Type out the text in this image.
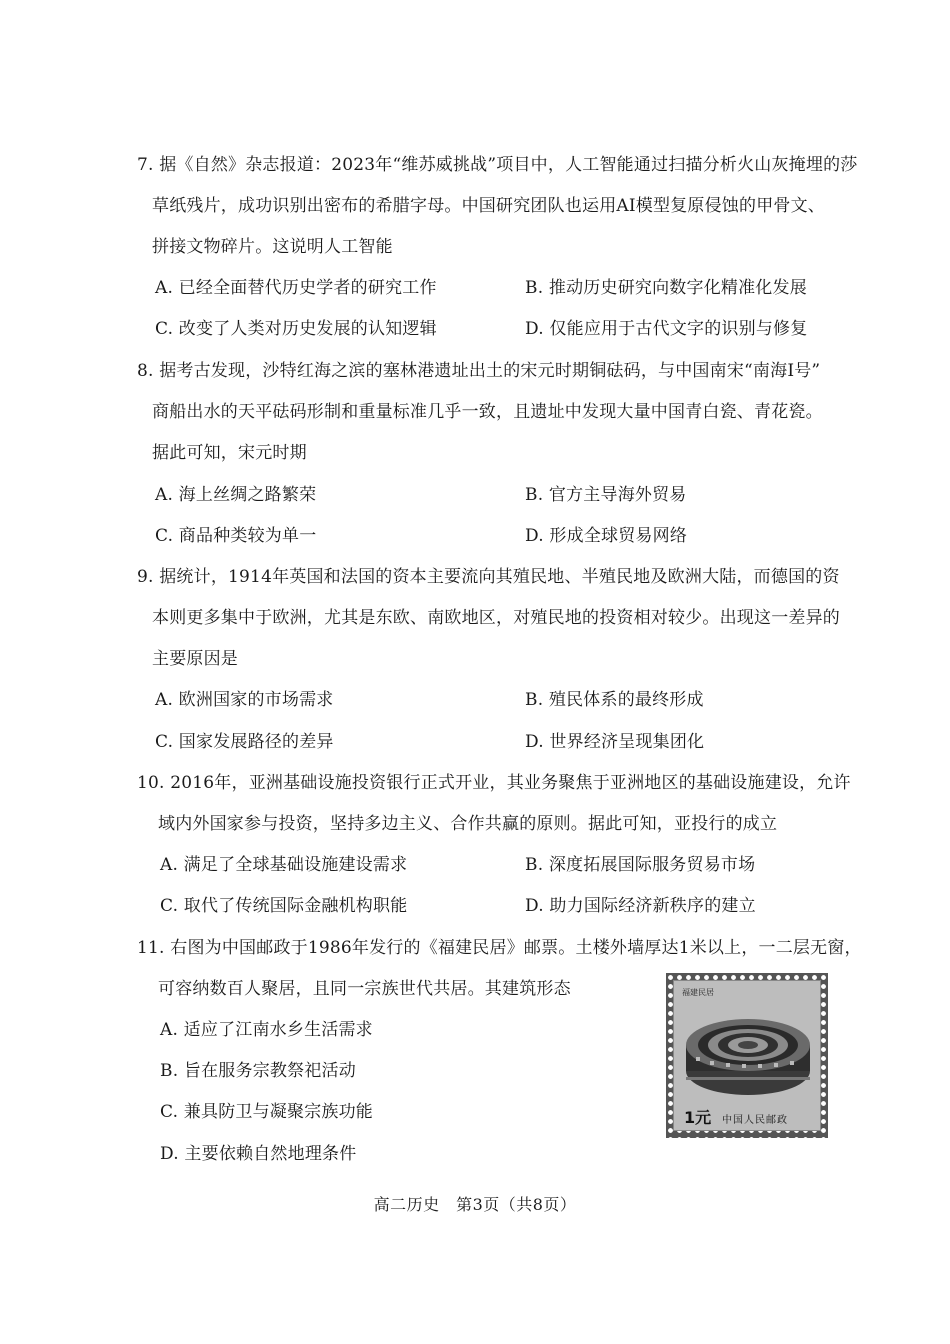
7. 据《自然》杂志报道：2023年“维苏威挑战”项目中，人工智能通过扫描分析火山灰掩埋的莎
草纸残片，成功识别出密布的希腊字母。中国研究团队也运用AI模型复原侵蚀的甲骨文、
拼接文物碎片。这说明人工智能
A. 已经全面替代历史学者的研究工作	B. 推动历史研究向数字化精准化发展
C. 改变了人类对历史发展的认知逻辑	D. 仅能应用于古代文字的识别与修复
8. 据考古发现，沙特红海之滨的塞林港遗址出土的宋元时期铜砝码，与中国南宋“南海Ⅰ号”
商船出水的天平砝码形制和重量标准几乎一致，且遗址中发现大量中国青白瓷、青花瓷。
据此可知，宋元时期
A. 海上丝绸之路繁荣	B. 官方主导海外贸易
C. 商品种类较为单一	D. 形成全球贸易网络
9. 据统计，1914年英国和法国的资本主要流向其殖民地、半殖民地及欧洲大陆，而德国的资
本则更多集中于欧洲，尤其是东欧、南欧地区，对殖民地的投资相对较少。出现这一差异的
主要原因是
A. 欧洲国家的市场需求	B. 殖民体系的最终形成
C. 国家发展路径的差异	D. 世界经济呈现集团化
10. 2016年，亚洲基础设施投资银行正式开业，其业务聚焦于亚洲地区的基础设施建设，允许
域内外国家参与投资，坚持多边主义、合作共赢的原则。据此可知，亚投行的成立
A. 满足了全球基础设施建设需求	B. 深度拓展国际服务贸易市场
C. 取代了传统国际金融机构职能	D. 助力国际经济新秩序的建立
11. 右图为中国邮政于1986年发行的《福建民居》邮票。土楼外墙厚达1米以上，一二层无窗，
可容纳数百人聚居，且同一宗族世代共居。其建筑形态
A. 适应了江南水乡生活需求
B. 旨在服务宗教祭祀活动
C. 兼具防卫与凝聚宗族功能
D. 主要依赖自然地理条件
福建民居
1元 中国人民邮政
高二历史　第3页（共8页）
